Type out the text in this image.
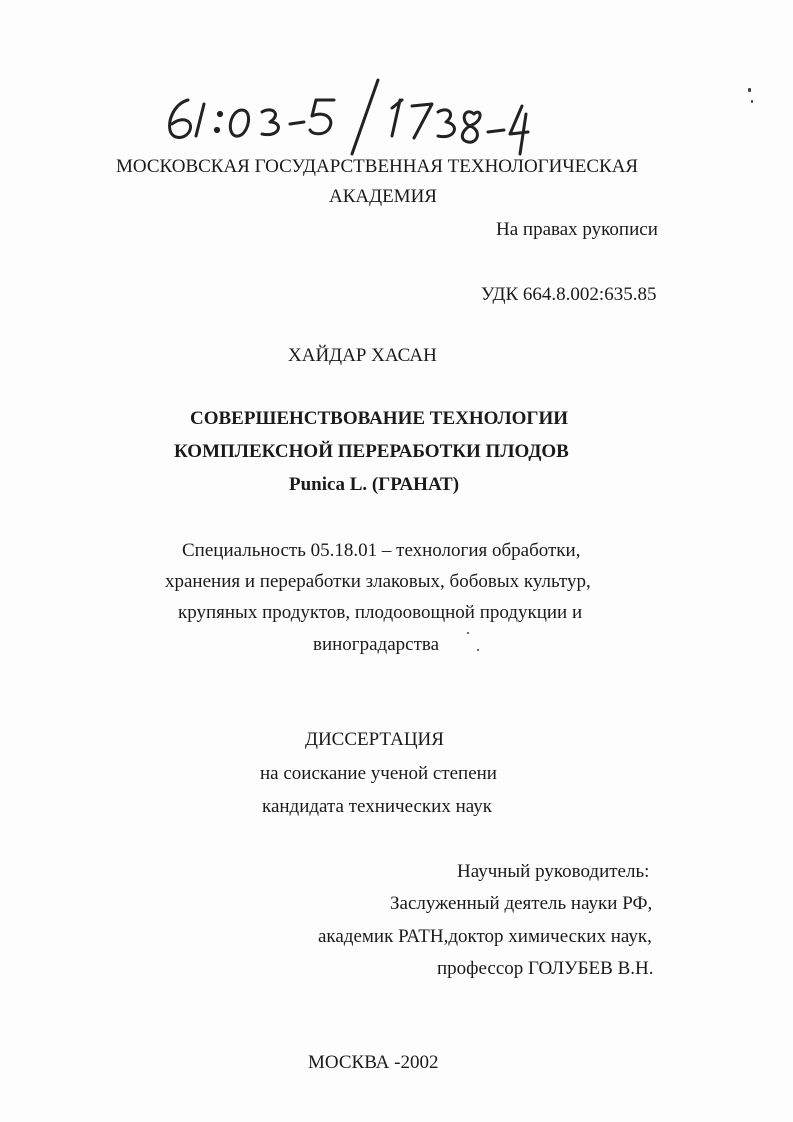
МОСКОВСКАЯ ГОСУДАРСТВЕННАЯ ТЕХНОЛОГИЧЕСКАЯ
АКАДЕМИЯ
На правах рукописи
УДК 664.8.002:635.85
ХАЙДАР ХАСАН
СОВЕРШЕНСТВОВАНИЕ ТЕХНОЛОГИИ
КОМПЛЕКСНОЙ ПЕРЕРАБОТКИ ПЛОДОВ
Punica L. (ГРАНАТ)
Специальность 05.18.01 – технология обработки,
хранения и переработки злаковых, бобовых культур,
крупяных продуктов, плодоовощной продукции и
виноградарства
ДИССЕРТАЦИЯ
на соискание ученой степени
кандидата технических наук
Научный руководитель:
Заслуженный деятель науки РФ,
академик РАТН,доктор химических наук,
профессор ГОЛУБЕВ В.Н.
МОСКВА -2002
